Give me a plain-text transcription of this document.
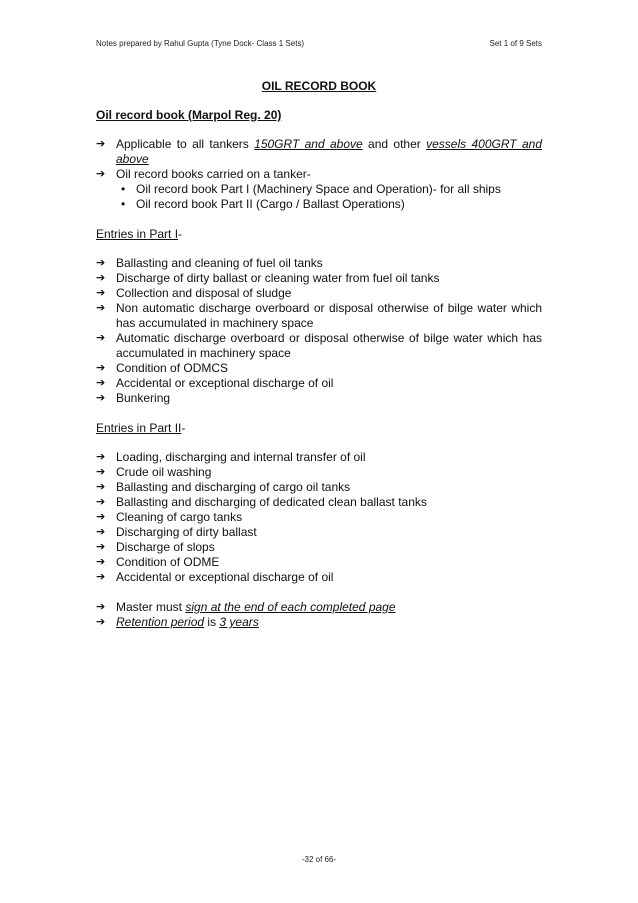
Notes prepared by Rahul Gupta (Tyne Dock- Class 1 Sets)	Set 1 of 9 Sets
OIL RECORD BOOK
Oil record book (Marpol Reg. 20)
➔ Applicable to all tankers 150GRT and above and other vessels 400GRT and above
➔ Oil record books carried on a tanker-
• Oil record book Part I (Machinery Space and Operation)- for all ships
• Oil record book Part II (Cargo / Ballast Operations)
Entries in Part I-
➔ Ballasting and cleaning of fuel oil tanks
➔ Discharge of dirty ballast or cleaning water from fuel oil tanks
➔ Collection and disposal of sludge
➔ Non automatic discharge overboard or disposal otherwise of bilge water which has accumulated in machinery space
➔ Automatic discharge overboard or disposal otherwise of bilge water which has accumulated in machinery space
➔ Condition of ODMCS
➔ Accidental or exceptional discharge of oil
➔ Bunkering
Entries in Part II-
➔ Loading, discharging and internal transfer of oil
➔ Crude oil washing
➔ Ballasting and discharging of cargo oil tanks
➔ Ballasting and discharging of dedicated clean ballast tanks
➔ Cleaning of cargo tanks
➔ Discharging of dirty ballast
➔ Discharge of slops
➔ Condition of ODME
➔ Accidental or exceptional discharge of oil
➔ Master must sign at the end of each completed page
➔ Retention period is 3 years
-32 of 66-
